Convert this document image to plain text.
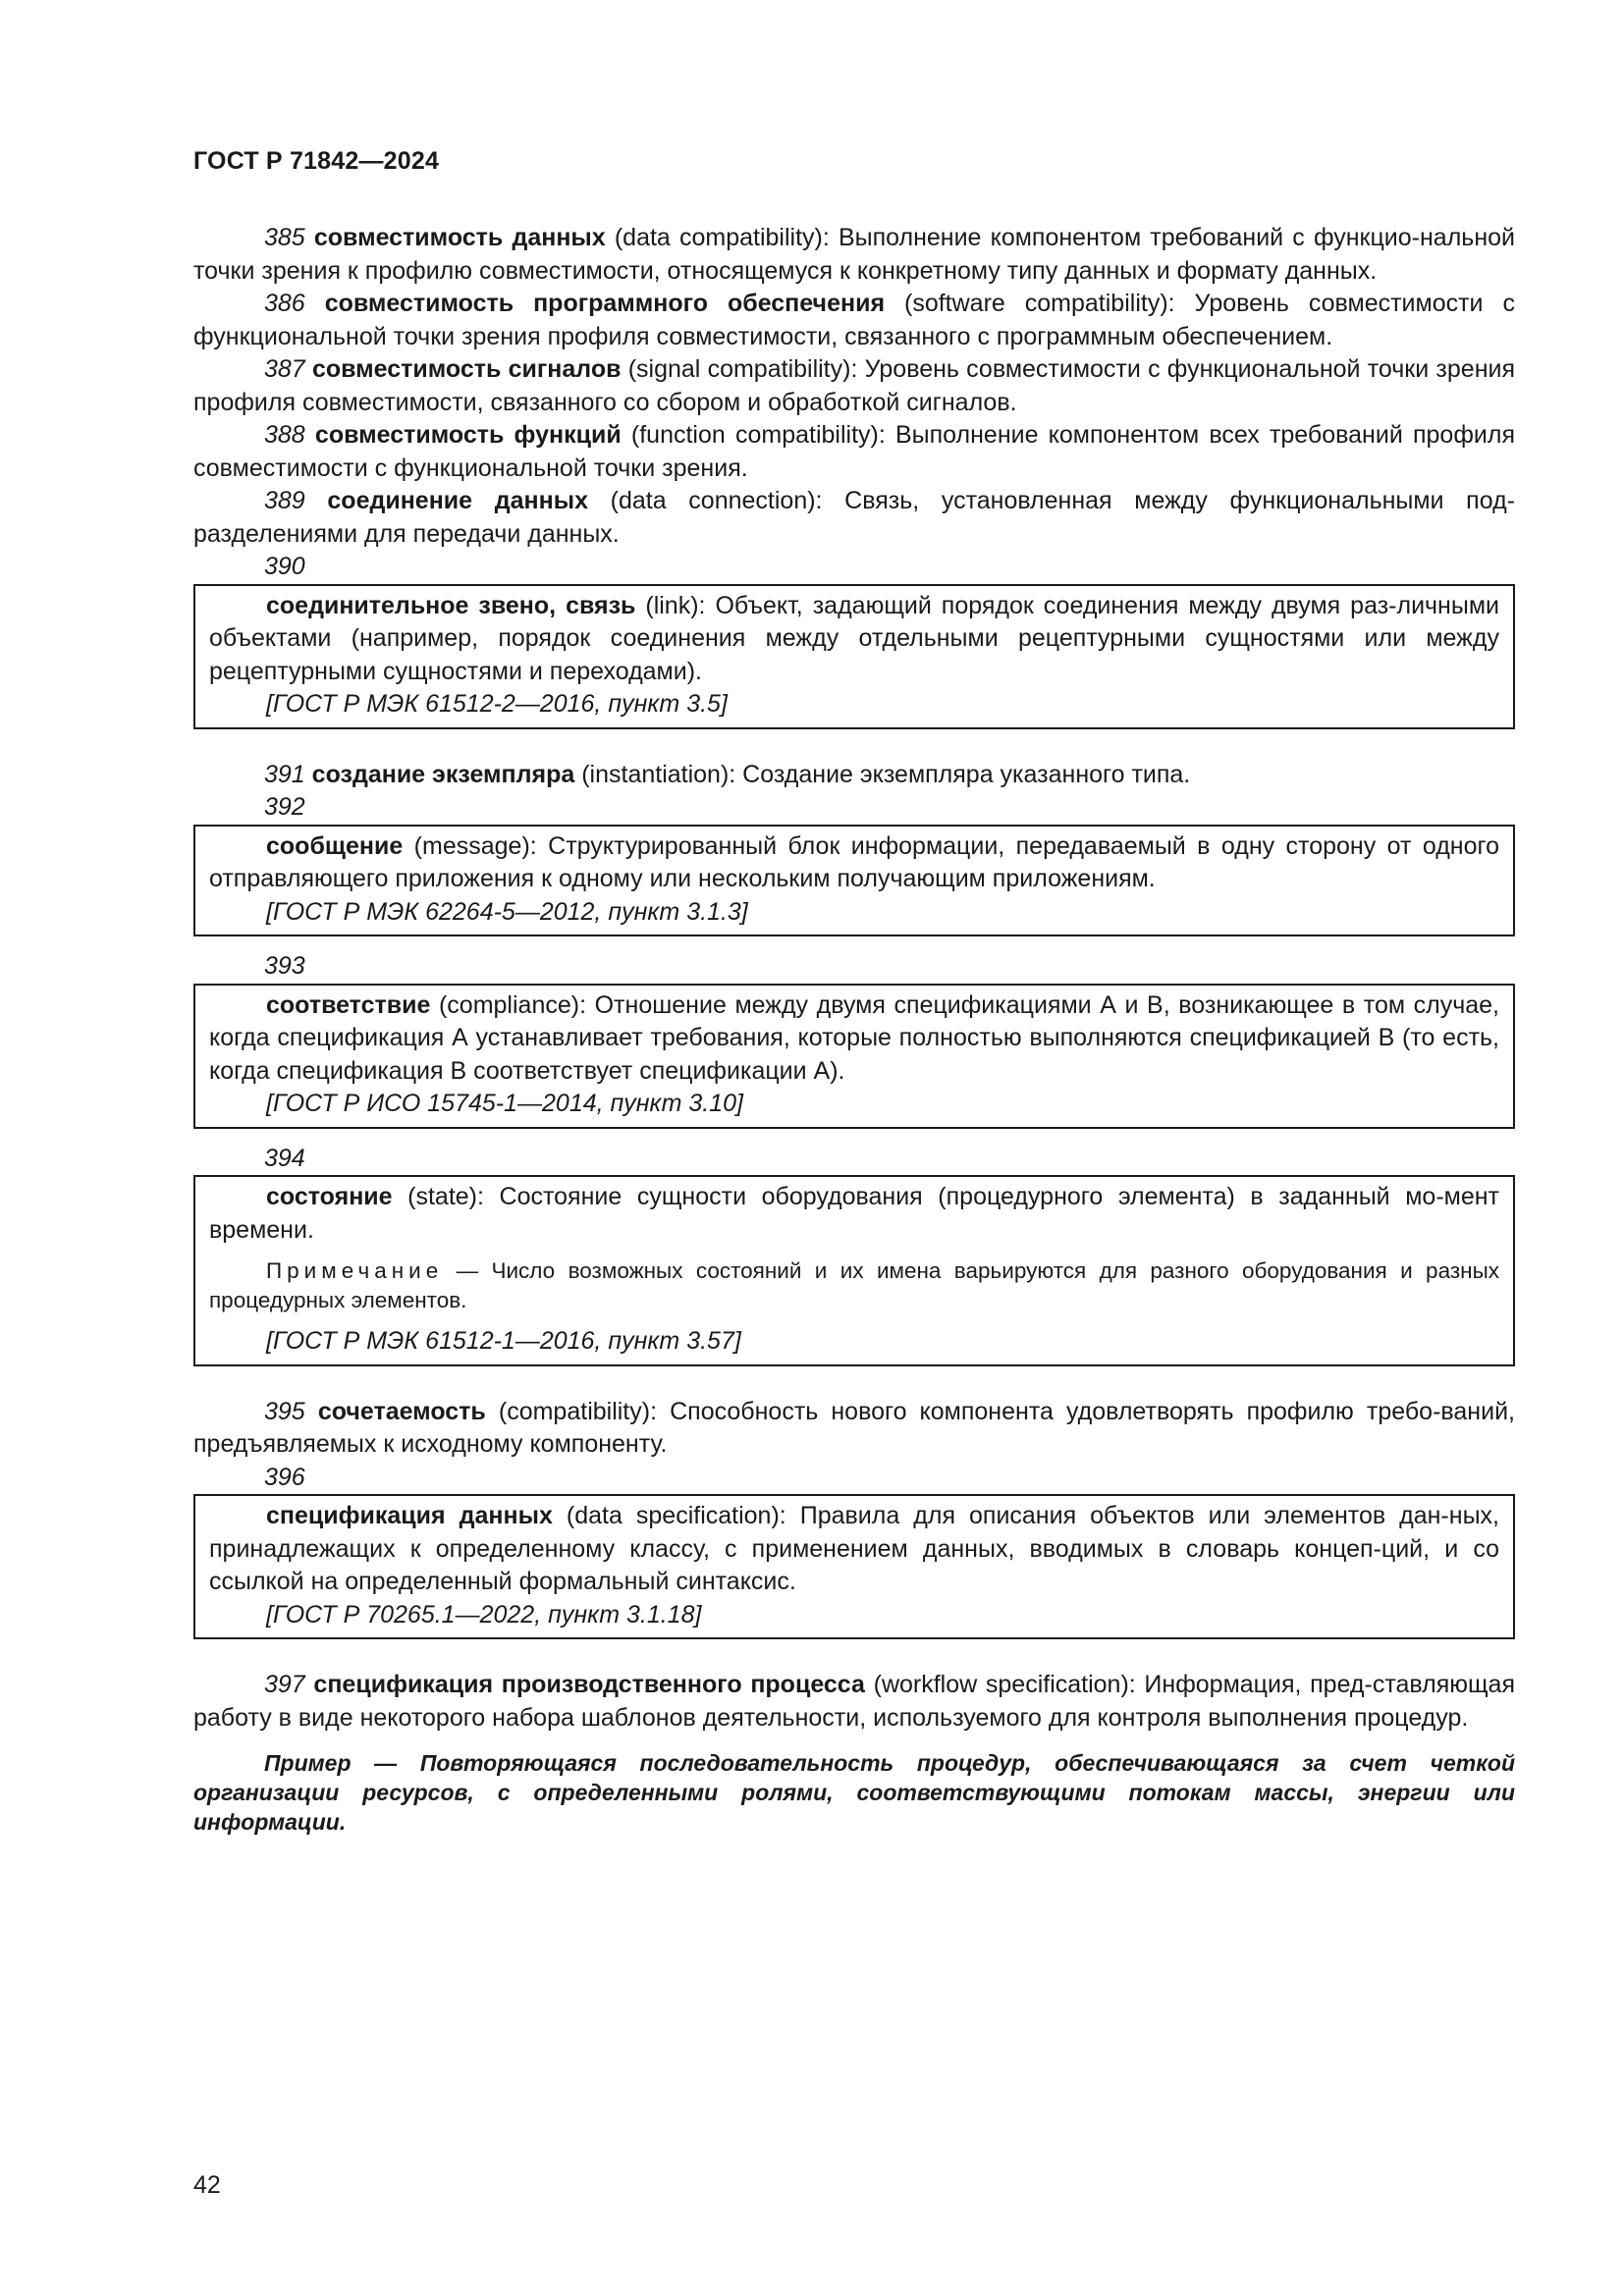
ГОСТ Р 71842—2024

385 совместимость данных (data compatibility): Выполнение компонентом требований с функцио-нальной точки зрения к профилю совместимости, относящемуся к конкретному типу данных и формату данных.

386 совместимость программного обеспечения (software compatibility): Уровень совместимости с функциональной точки зрения профиля совместимости, связанного с программным обеспечением.

387 совместимость сигналов (signal compatibility): Уровень совместимости с функциональной точки зрения профиля совместимости, связанного со сбором и обработкой сигналов.

388 совместимость функций (function compatibility): Выполнение компонентом всех требований профиля совместимости с функциональной точки зрения.

389 соединение данных (data connection): Связь, установленная между функциональными под-разделениями для передачи данных.

390

соединительное звено, связь (link): Объект, задающий порядок соединения между двумя раз-личными объектами (например, порядок соединения между отдельными рецептурными сущностями или между рецептурными сущностями и переходами).

[ГОСТ Р МЭК 61512-2—2016, пункт 3.5]

391 создание экземпляра (instantiation): Создание экземпляра указанного типа.

392

сообщение (message): Структурированный блок информации, передаваемый в одну сторону от одного отправляющего приложения к одному или нескольким получающим приложениям.

[ГОСТ Р МЭК 62264-5—2012, пункт 3.1.3]

393

соответствие (compliance): Отношение между двумя спецификациями А и В, возникающее в том случае, когда спецификация А устанавливает требования, которые полностью выполняются спецификацией В (то есть, когда спецификация В соответствует спецификации А).

[ГОСТ Р ИСО 15745-1—2014, пункт 3.10]

394

состояние (state): Состояние сущности оборудования (процедурного элемента) в заданный мо-мент времени.

Примечание — Число возможных состояний и их имена варьируются для разного оборудования и разных процедурных элементов.

[ГОСТ Р МЭК 61512-1—2016, пункт 3.57]

395 сочетаемость (compatibility): Способность нового компонента удовлетворять профилю требо-ваний, предъявляемых к исходному компоненту.

396

спецификация данных (data specification): Правила для описания объектов или элементов дан-ных, принадлежащих к определенному классу, с применением данных, вводимых в словарь концеп-ций, и со ссылкой на определенный формальный синтаксис.

[ГОСТ Р 70265.1—2022, пункт 3.1.18]

397 спецификация производственного процесса (workflow specification): Информация, пред-ставляющая работу в виде некоторого набора шаблонов деятельности, используемого для контроля выполнения процедур.

Пример — Повторяющаяся последовательность процедур, обеспечивающаяся за счет четкой организации ресурсов, с определенными ролями, соответствующими потокам массы, энергии или информации.

42
